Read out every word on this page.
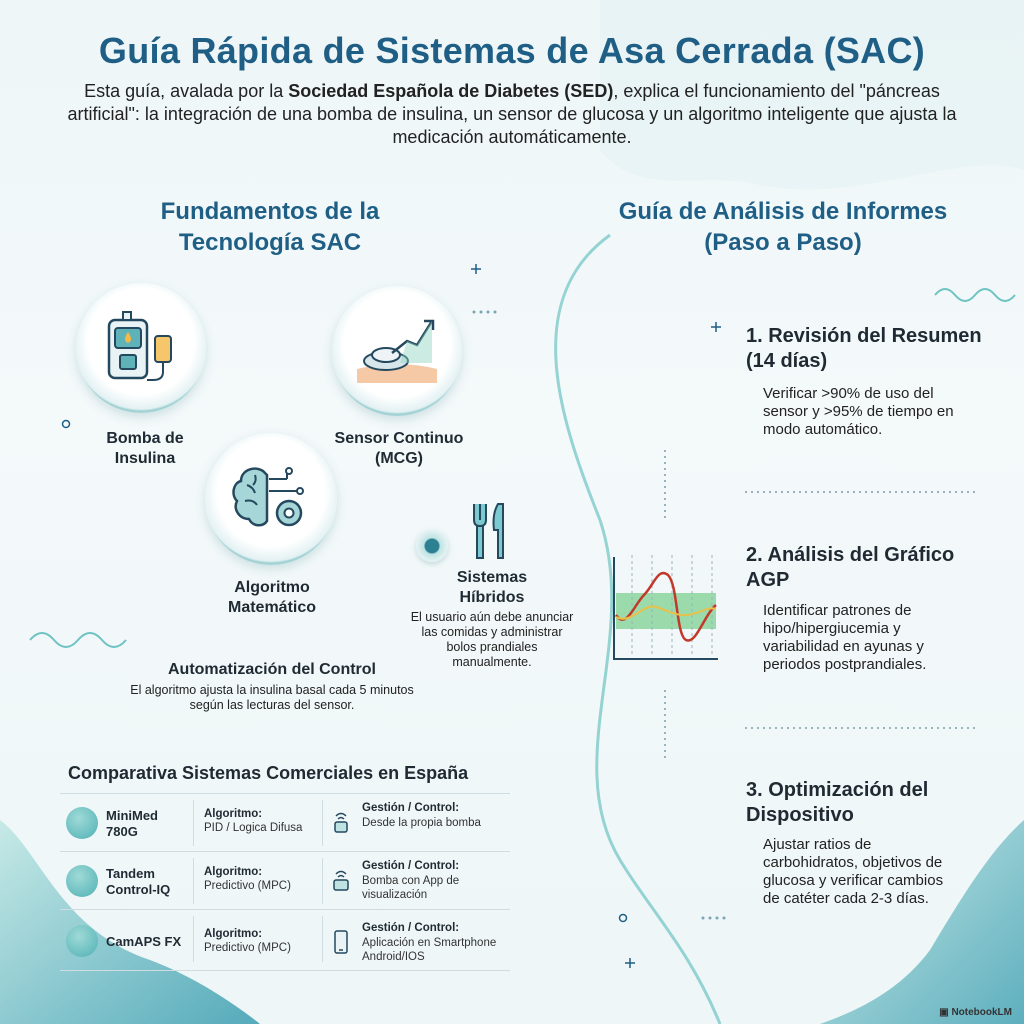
Guía Rápida de Sistemas de Asa Cerrada (SAC)
Esta guía, avalada por la Sociedad Española de Diabetes (SED), explica el funcionamiento del "páncreas artificial": la integración de una bomba de insulina, un sensor de glucosa y un algoritmo inteligente que ajusta la medicación automáticamente.
Fundamentos de la Tecnología SAC
Bomba de Insulina
Sensor Continuo (MCG)
Algoritmo Matemático
Sistemas Híbridos
El usuario aún debe anunciar las comidas y administrar bolos prandiales manualmente.
Automatización del Control
El algoritmo ajusta la insulina basal cada 5 minutos según las lecturas del sensor.
Comparativa Sistemas Comerciales en España
MiniMed 780G
Algoritmo:
PID / Logica Difusa
Gestión / Control:
Desde la propia bomba
Tandem Control-IQ
Algoritmo:
Predictivo (MPC)
Gestión / Control:
Bomba con App de visualización
CamAPS FX Algoritmo:
Predictivo (MPC)
Gestión / Control:
Aplicación en Smartphone Android/IOS
Guía de Análisis de Informes (Paso a Paso)
1. Revisión del Resumen (14 días)
Verificar >90% de uso del sensor y >95% de tiempo en modo automático.
2. Análisis del Gráfico AGP
Identificar patrones de hipo/hipergiucemia y variabilidad en ayunas y periodos postprandiales.
3. Optimización del Dispositivo
Ajustar ratios de carbohidratos, objetivos de glucosa y verificar cambios de catéter cada 2-3 días.
▣ NotebookLM
